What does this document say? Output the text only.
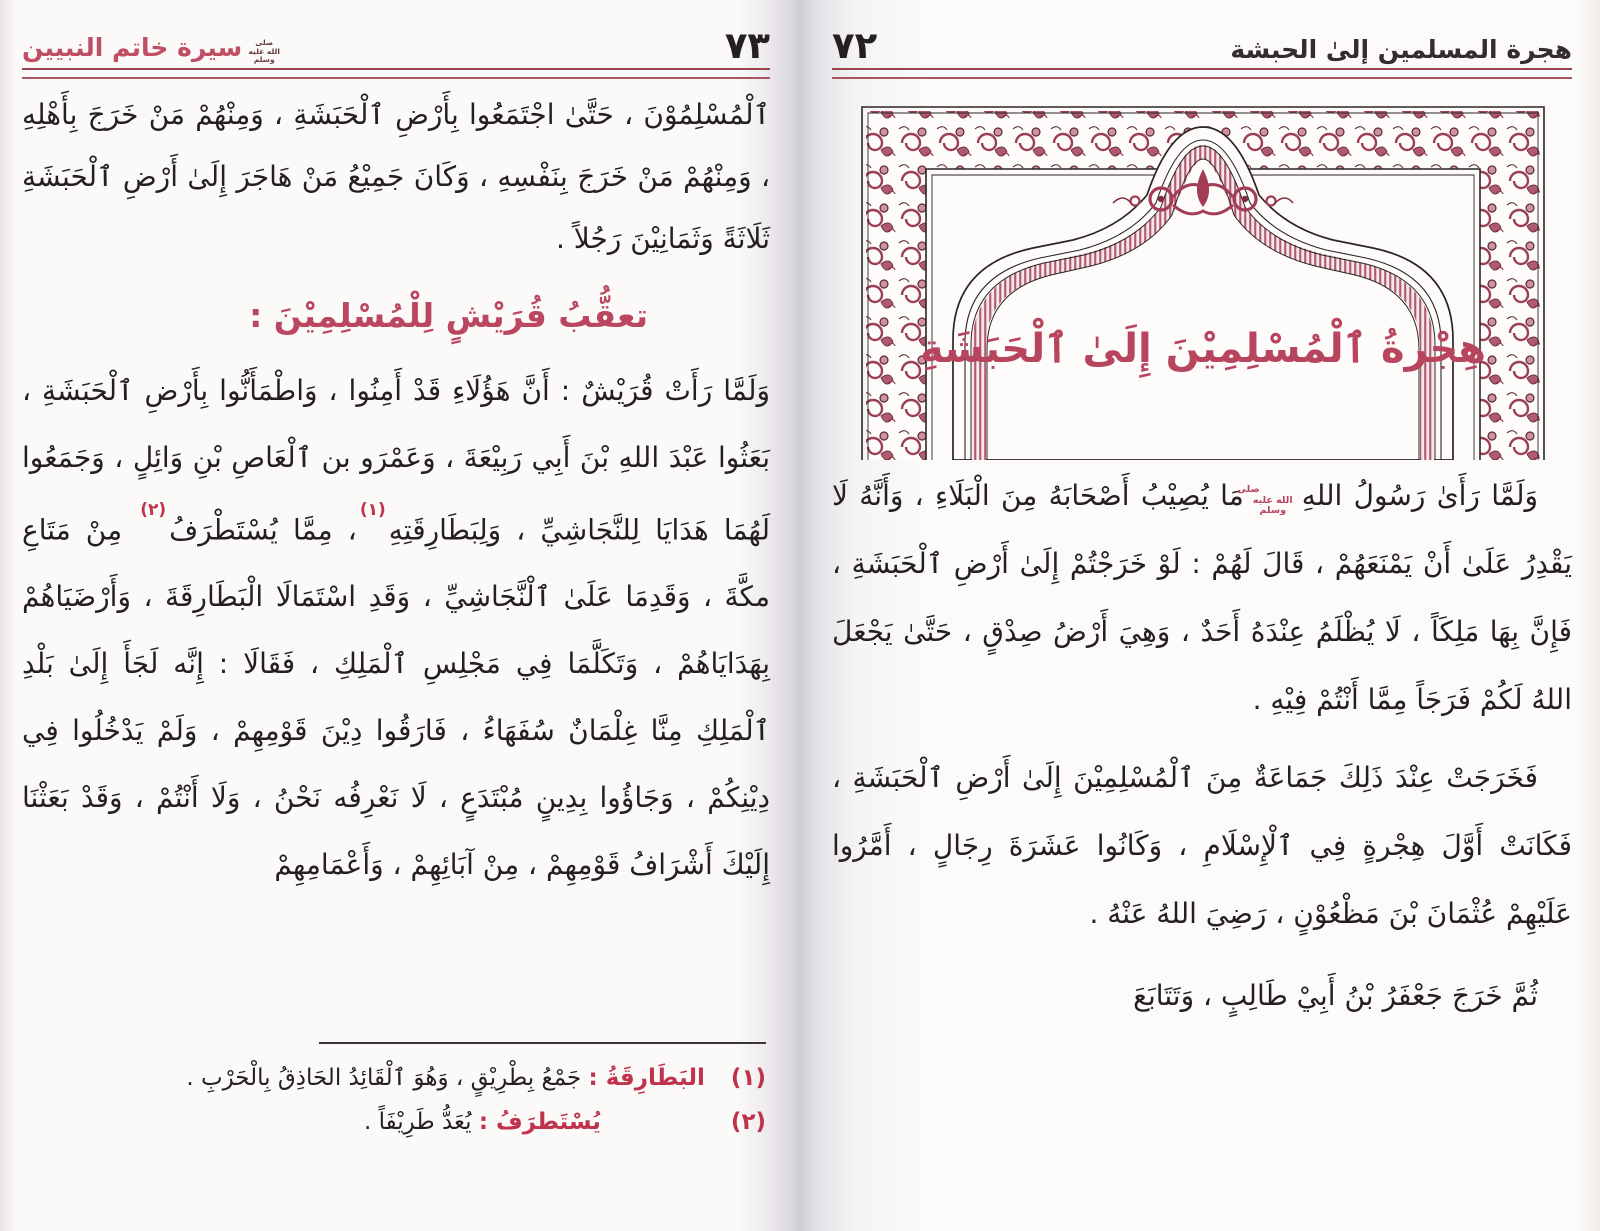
سيرة خاتم النبيين صلى الله عليه وسلم	٧٣

ٱلْمُسْلِمُوْنَ ، حَتَّىٰ اجْتَمَعُوا بِأَرْضِ ٱلْحَبَشَةِ ، وَمِنْهُمْ مَنْ خَرَجَ بِأَهْلِهِ ، وَمِنْهُمْ مَنْ خَرَجَ بِنَفْسِهِ ، وَكَانَ جَمِيْعُ مَنْ هَاجَرَ إِلَىٰ أَرْضِ ٱلْحَبَشَةِ ثَلَاثَةً وَثَمَانِيْنَ رَجُلاً .

تعقُّبُ قُرَيْشٍ لِلْمُسْلِمِيْنَ :

وَلَمَّا رَأَتْ قُرَيْشٌ : أَنَّ هَؤُلَاءِ قَدْ أَمِنُوا ، وَاطْمَأَنُّوا بِأَرْضِ ٱلْحَبَشَةِ ، بَعَثُوا عَبْدَ اللهِ بْنَ أَبِي رَبِيْعَةَ ، وَعَمْرَو بن ٱلْعَاصِ بْنِ وَائِلٍ ، وَجَمَعُوا لَهُمَا هَدَايَا لِلنَّجَاشِيِّ ، وَلِبَطَارِقَتِهِ$^{(١)}$، مِمَّا يُسْتَطْرَفُ$^{(٢)}$ مِنْ مَتَاعِ مكَّةَ ، وَقَدِمَا عَلَىٰ ٱلْنَّجَاشِيِّ ، وَقَدِ اسْتَمَالَا الْبَطَارِقَةَ ، وَأَرْضَيَاهُمْ بِهَدَايَاهُمْ ، وَتَكَلَّمَا فِي مَجْلِسِ ٱلْمَلِكِ ، فَقَالَا : إِنَّه لَجَأَ إِلَىٰ بَلْدِ ٱلْمَلِكِ مِنَّا غِلْمَانٌ سُفَهَاءُ ، فَارَقُوا دِيْنَ قَوْمِهِمْ ، وَلَمْ يَدْخُلُوا فِي دِيْنِكُمْ ، وَجَاؤُوا بِدِينٍ مُبْتَدَعٍ ، لَا نَعْرِفُه نَحْنُ ، وَلَا أَنْتُمْ ، وَقَدْ بَعَثْنَا إِلَيْكَ أَشْرَافُ قَوْمِهِمْ ، مِنْ آبَائِهِمْ ، وَأَعْمَامِهِمْ

(١)البَطَارِقَةُ : جَمْعُ بِطْرِيْقٍ ، وَهُوَ ٱلْقَائِدُ الحَاذِقُ بِالْحَرْبِ .
(٢)يُسْتَطرَفُ : يُعَدُّ طَرِيْفَاً .
٧٢	هجرة المسلمين إلىٰ الحبشة
هِجْرةُ ٱلْمُسْلِمِيْنَ إِلَىٰ ٱلْحَبَشَةِ

وَلَمَّا رَأَىٰ رَسُولُ اللهِصلى الله عليه وسلممَا يُصِيْبُ أَصْحَابَهُ مِنَ الْبَلَاءِ ، وَأَنَّهُ لَا يَقْدِرُ عَلَىٰ أَنْ يَمْنَعَهُمْ ، قَالَ لَهُمْ : لَوْ خَرَجْتُمْ إِلَىٰ أَرْضِ ٱلْحَبَشَةِ ، فَإِنَّ بِهَا مَلِكَاً ، لَا يُظْلَمُ عِنْدَهُ أَحَدٌ ، وَهِيَ أَرْضُ صِدْقٍ ، حَتَّىٰ يَجْعَلَ اللهُ لَكُمْ فَرَجَاً مِمَّا أَنْتُمْ فِيْهِ .

فَخَرَجَتْ عِنْدَ ذَلِكَ جَمَاعَةٌ مِنَ ٱلْمُسْلِمِيْنَ إِلَىٰ أَرْضِ ٱلْحَبَشَةِ ، فَكَانَتْ أَوَّلَ هِجْرةٍ فِي ٱلْإِسْلَامِ ، وَكَانُوا عَشَرَةَ رِجَالٍ ، أَمَّرُوا عَلَيْهِمْ عُثْمَانَ بْنَ مَظْعُوْنٍ ، رَضِيَ اللهُ عَنْهُ .

ثُمَّ خَرَجَ جَعْفَرُ بْنُ أَبِيْ طَالِبٍ ، وَتَتَابَعَ
